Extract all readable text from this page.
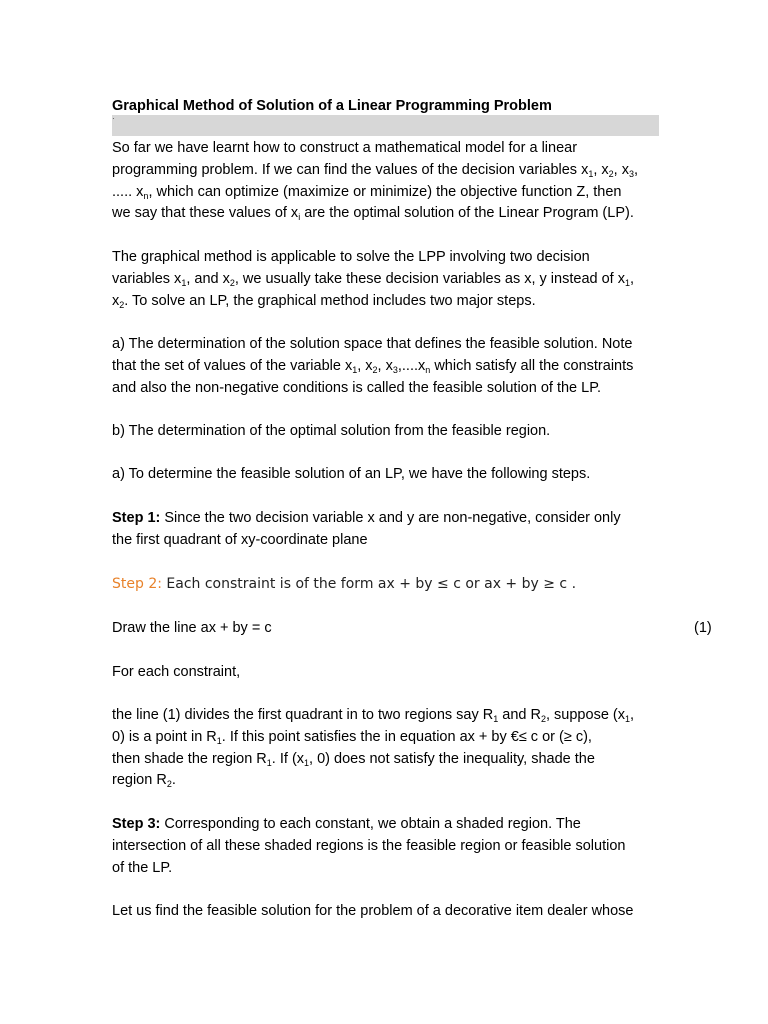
Graphical Method of Solution of a Linear Programming Problem
·
So far we have learnt how to construct a mathematical model for a linear
programming problem. If we can find the values of the decision variables $x_1$, $x_2$, $x_3$,
..... $x_n$, which can optimize (maximize or minimize) the objective function Z, then
we say that these values of $x_i$ are the optimal solution of the Linear Program (LP).
The graphical method is applicable to solve the LPP involving two decision
variables $x_1$, and $x_2$, we usually take these decision variables as x, y instead of $x_1$,
$x_2$. To solve an LP, the graphical method includes two major steps.
a) The determination of the solution space that defines the feasible solution. Note
that the set of values of the variable $x_1$, $x_2$, $x_3,....x_n$ which satisfy all the constraints
and also the non-negative conditions is called the feasible solution of the LP.
b) The determination of the optimal solution from the feasible region.
a) To determine the feasible solution of an LP, we have the following steps.
Step 1: Since the two decision variable x and y are non-negative, consider only
the first quadrant of xy-coordinate plane
Step 2: Each constraint is of the form ax + by ≤ c or ax + by ≥ c .
Draw the line ax + by = c	(1)
For each constraint,
the line (1) divides the first quadrant in to two regions say $R_1$ and $R_2$, suppose ($x_1$,
0) is a point in $R_1$. If this point satisfies the in equation ax + by €≤ c or (≥ c),
then shade the region $R_1$. If ($x_1$, 0) does not satisfy the inequality, shade the
region $R_2$.
Step 3: Corresponding to each constant, we obtain a shaded region. The
intersection of all these shaded regions is the feasible region or feasible solution
of the LP.
Let us find the feasible solution for the problem of a decorative item dealer whose
